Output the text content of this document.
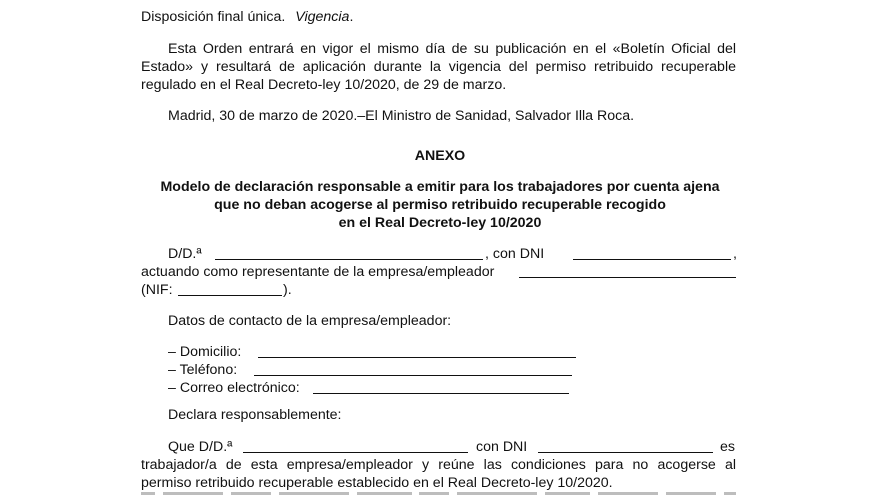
Disposición final única. Vigencia.
Esta Orden entrará en vigor el mismo día de su publicación en el «Boletín Oficial del
Estado» y resultará de aplicación durante la vigencia del permiso retribuido recuperable
regulado en el Real Decreto-ley 10/2020, de 29 de marzo.
Madrid, 30 de marzo de 2020.–El Ministro de Sanidad, Salvador Illa Roca.
ANEXO
Modelo de declaración responsable a emitir para los trabajadores por cuenta ajena
que no deban acogerse al permiso retribuido recuperable recogido
en el Real Decreto-ley 10/2020
D/D.ª	, con DNI	,
actuando como representante de la empresa/empleador
(NIF:	).
Datos de contacto de la empresa/empleador:
– Domicilio:
– Teléfono:
– Correo electrónico:
Declara responsablemente:
Que D/D.ª	con DNI	es
trabajador/a de esta empresa/empleador y reúne las condiciones para no acogerse al
permiso retribuido recuperable establecido en el Real Decreto-ley 10/2020.
